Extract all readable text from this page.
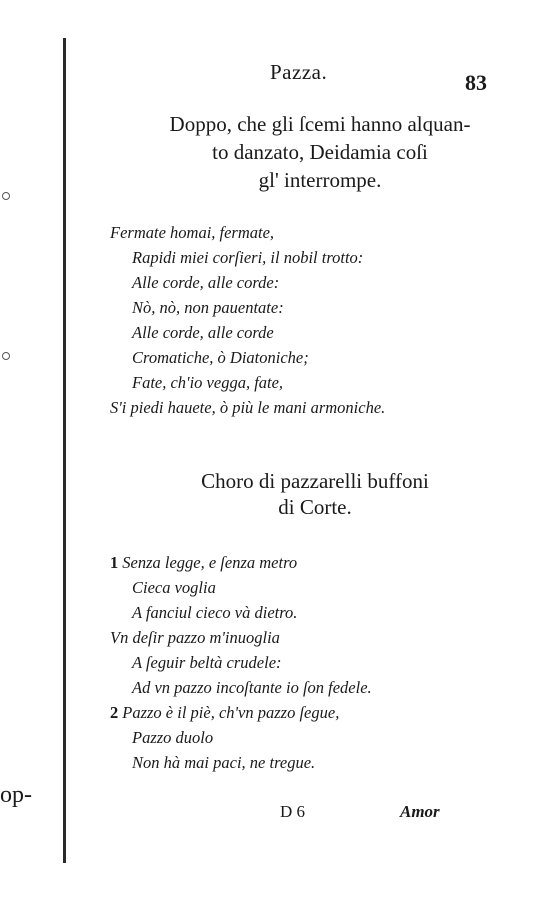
op-
Pazza.	83
Doppo, che gli ſcemi hanno alquan-
to danzato, Deidamia coſi
gl' interrompe.
Fermate homai, fermate,
Rapidi miei corſieri, il nobil trotto:
Alle corde, alle corde:
Nò, nò, non pauentate:
Alle corde, alle corde
Cromatiche, ò Diatoniche;
Fate, ch'io vegga, fate,
S'i piedi hauete, ò più le mani armoniche.
Choro di pazzarelli buffoni
di Corte.
1 Senza legge, e ſenza metro
Cieca voglia
A fanciul cieco và dietro.
Vn deſir pazzo m'inuoglia
A ſeguir beltà crudele:
Ad vn pazzo incoſtante io ſon fedele.
2 Pazzo è il piè, ch'vn pazzo ſegue,
Pazzo duolo
Non hà mai paci, ne tregue.
D 6	Amor
